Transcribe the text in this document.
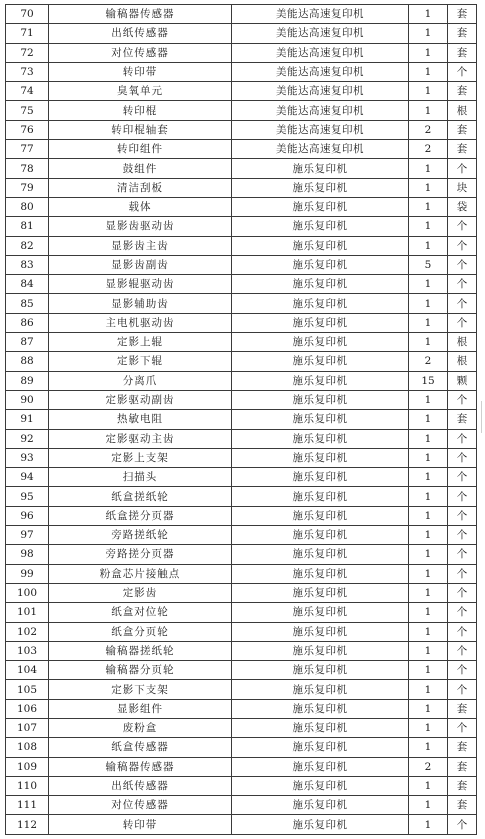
70	输稿器传感器	美能达高速复印机	1	套
71	出纸传感器	美能达高速复印机	1	套
72	对位传感器	美能达高速复印机	1	套
73	转印带	美能达高速复印机	1	个
74	臭氧单元	美能达高速复印机	1	套
75	转印棍	美能达高速复印机	1	根
76	转印棍轴套	美能达高速复印机	2	套
77	转印组件	美能达高速复印机	2	套
78	鼓组件	施乐复印机	1	个
79	清洁刮板	施乐复印机	1	块
80	载体	施乐复印机	1	袋
81	显影齿驱动齿	施乐复印机	1	个
82	显影齿主齿	施乐复印机	1	个
83	显影齿副齿	施乐复印机	5	个
84	显影辊驱动齿	施乐复印机	1	个
85	显影辅助齿	施乐复印机	1	个
86	主电机驱动齿	施乐复印机	1	个
87	定影上辊	施乐复印机	1	根
88	定影下辊	施乐复印机	2	根
89	分离爪	施乐复印机	15	颗
90	定影驱动副齿	施乐复印机	1	个
91	热敏电阻	施乐复印机	1	套
92	定影驱动主齿	施乐复印机	1	个
93	定影上支架	施乐复印机	1	个
94	扫描头	施乐复印机	1	个
95	纸盒搓纸轮	施乐复印机	1	个
96	纸盒搓分页器	施乐复印机	1	个
97	旁路搓纸轮	施乐复印机	1	个
98	旁路搓分页器	施乐复印机	1	个
99	粉盒芯片接触点	施乐复印机	1	个
100	定影齿	施乐复印机	1	个
101	纸盒对位轮	施乐复印机	1	个
102	纸盒分页轮	施乐复印机	1	个
103	输稿器搓纸轮	施乐复印机	1	个
104	输稿器分页轮	施乐复印机	1	个
105	定影下支架	施乐复印机	1	个
106	显影组件	施乐复印机	1	套
107	废粉盒	施乐复印机	1	个
108	纸盒传感器	施乐复印机	1	套
109	输稿器传感器	施乐复印机	2	套
110	出纸传感器	施乐复印机	1	套
111	对位传感器	施乐复印机	1	套
112	转印带	施乐复印机	1	个
